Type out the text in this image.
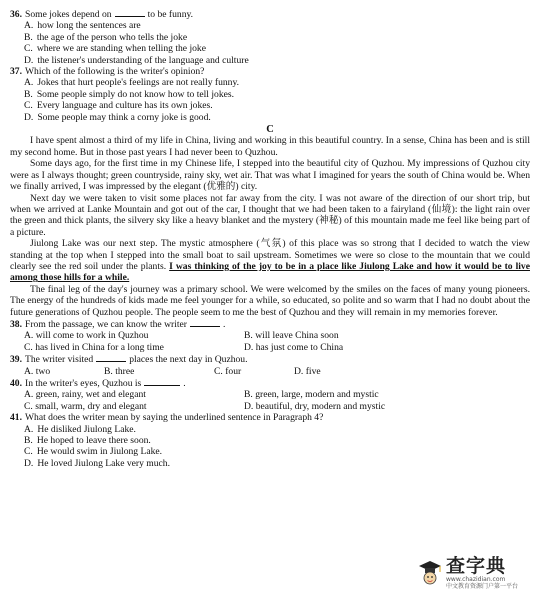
36. Some jokes depend on	to be funny.
A. how long the sentences are
B. the age of the person who tells the joke
C. where we are standing when telling the joke
D. the listener's understanding of the language and culture
37. Which of the following is the writer's opinion?
A. Jokes that hurt people's feelings are not really funny.
B. Some people simply do not know how to tell jokes.
C. Every language and culture has its own jokes.
D. Some people may think a corny joke is good.
C

I have spent almost a third of my life in China, living and working in this beautiful country. In a sense, China has been and is still my second home. But in those past years I had never been to Quzhou.

Some days ago, for the first time in my Chinese life, I stepped into the beautiful city of Quzhou. My impressions of Quzhou city were as I always thought; green countryside, rainy sky, wet air. That was what I imagined for years the south of China would be. When we finally arrived, I was impressed by the elegant (优雅的) city.

Next day we were taken to visit some places not far away from the city. I was not aware of the direction of our short trip, but when we arrived at Lanke Mountain and got out of the car, I thought that we had been taken to a fairyland (仙境): the light rain over the green and thick plants, the silvery sky like a heavy blanket and the mystery (神秘) of this mountain made me feel like being part of a picture.

Jiulong Lake was our next step. The mystic atmosphere (气氛) of this place was so strong that I decided to watch the view standing at the top when I stepped into the small boat to sail upstream. Sometimes we were so close to the mountain that we could clearly see the red soil under the plants. I was thinking of the joy to be in a place like Jiulong Lake and how it would be to live among those hills for a while.

The final leg of the day's journey was a primary school. We were welcomed by the smiles on the faces of many young pioneers. The energy of the hundreds of kids made me feel younger for a while, so educated, so polite and so warm that I had no doubt about the future generations of Quzhou people. The people seem to me the best of Quzhou and they will remain in my memories forever.

38. From the passage, we can know the writer	.
A. will come to work in Quzhou	B. will leave China soon
C. has lived in China for a long time	D. has just come to China
39. The writer visited	places the next day in Quzhou.
A. two	B. three	C. four	D. five
40. In the writer's eyes, Quzhou is	.
A. green, rainy, wet and elegant	B. green, large, modern and mystic
C. small, warm, dry and elegant	D. beautiful, dry, modern and mystic
41. What does the writer mean by saying the underlined sentence in Paragraph 4?
A. He disliked Jiulong Lake.
B. He hoped to leave there soon.
C. He would swim in Jiulong Lake.
D. He loved Jiulong Lake very much.
查字典
www.chazidian.com
中文教育资源门户第一平台
